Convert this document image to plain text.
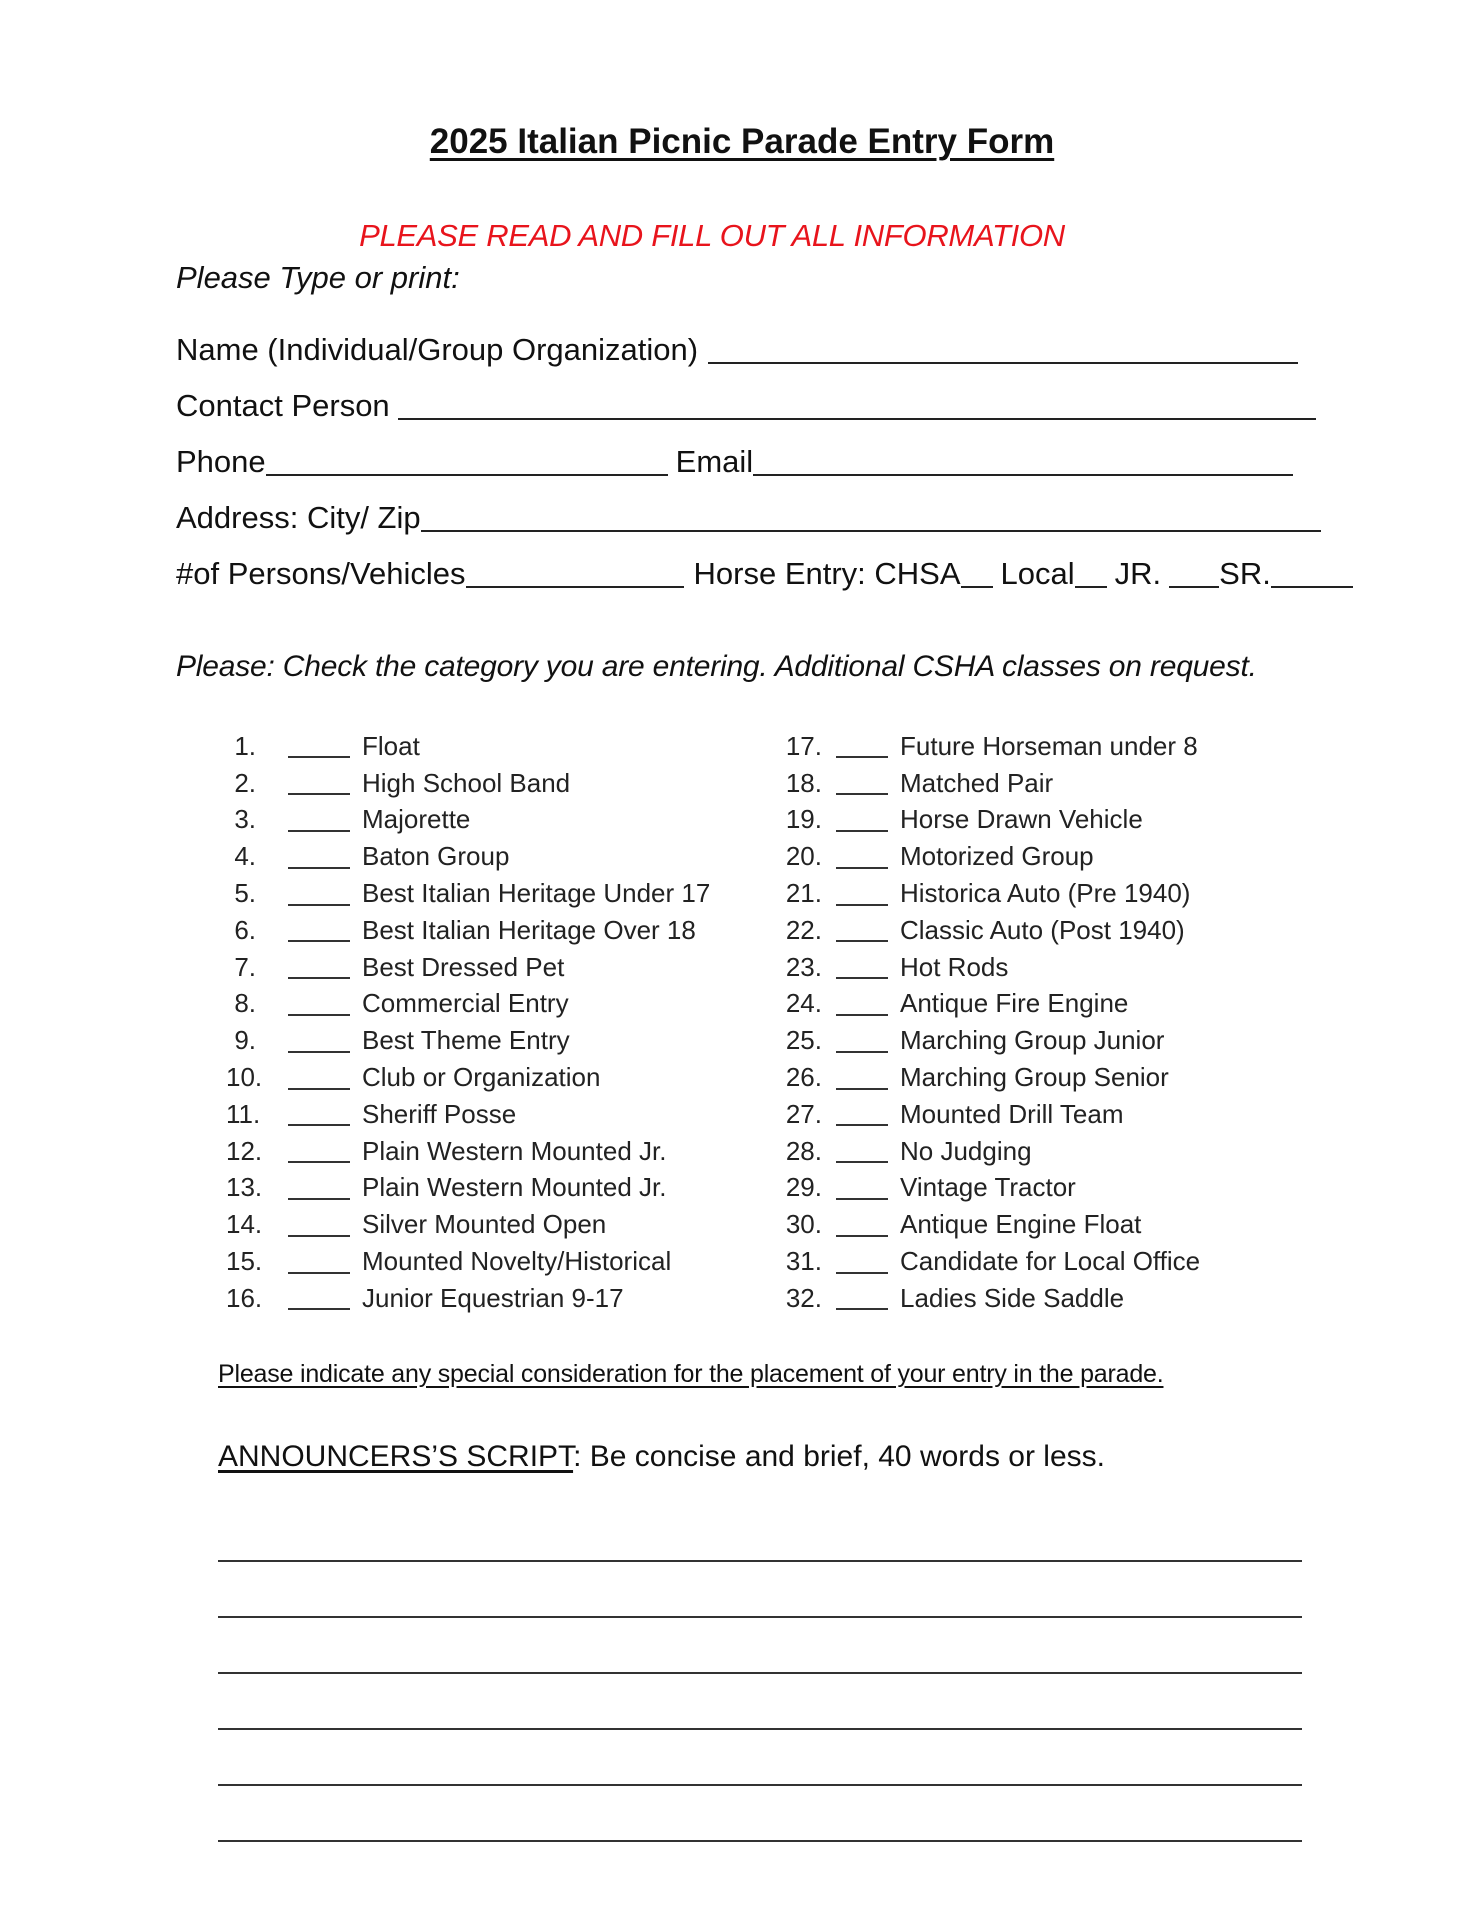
2025 Italian Picnic Parade Entry Form
PLEASE READ AND FILL OUT ALL INFORMATION
Please Type or print:
Name (Individual/Group Organization)
Contact Person
Phone	Email
Address: City/ Zip
#of Persons/Vehicles	Horse Entry: CHSA Local JR. SR.
Please: Check the category you are entering. Additional CSHA classes on request.
1.	Float
2.	High School Band
3.	Majorette
4.	Baton Group
5.	Best Italian Heritage Under 17
6.	Best Italian Heritage Over 18
7.	Best Dressed Pet
8.	Commercial Entry
9.	Best Theme Entry
10.	Club or Organization
11.	Sheriff Posse
12.	Plain Western Mounted Jr.
13.	Plain Western Mounted Jr.
14.	Silver Mounted Open
15.	Mounted Novelty/Historical
16.	Junior Equestrian 9-17
17.	Future Horseman under 8
18.	Matched Pair
19.	Horse Drawn Vehicle
20.	Motorized Group
21.	Historica Auto (Pre 1940)
22.	Classic Auto (Post 1940)
23.	Hot Rods
24.	Antique Fire Engine
25.	Marching Group Junior
26.	Marching Group Senior
27.	Mounted Drill Team
28.	No Judging
29.	Vintage Tractor
30.	Antique Engine Float
31.	Candidate for Local Office
32.	Ladies Side Saddle
Please indicate any special consideration for the placement of your entry in the parade.
ANNOUNCERS’S SCRIPT: Be concise and brief, 40 words or less.
